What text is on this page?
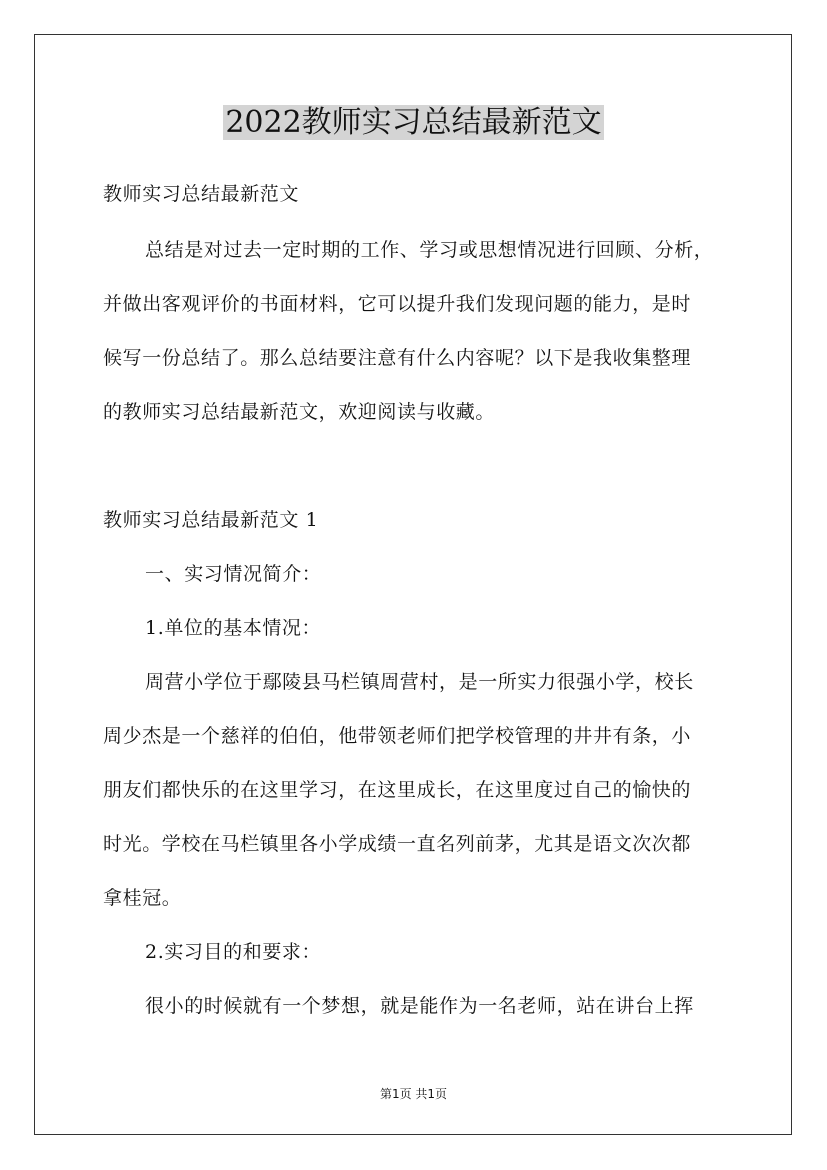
2022教师实习总结最新范文
教师实习总结最新范文
总结是对过去一定时期的工作、学习或思想情况进行回顾、分析，
并做出客观评价的书面材料，它可以提升我们发现问题的能力，是时
候写一份总结了。那么总结要注意有什么内容呢？以下是我收集整理
的教师实习总结最新范文，欢迎阅读与收藏。
教师实习总结最新范文 1
一、实习情况简介：
1.单位的基本情况：
周营小学位于鄢陵县马栏镇周营村，是一所实力很强小学，校长
周少杰是一个慈祥的伯伯，他带领老师们把学校管理的井井有条，小
朋友们都快乐的在这里学习，在这里成长，在这里度过自己的愉快的
时光。学校在马栏镇里各小学成绩一直名列前茅，尤其是语文次次都
拿桂冠。
2.实习目的和要求：
很小的时候就有一个梦想，就是能作为一名老师，站在讲台上挥
第1页 共1页
